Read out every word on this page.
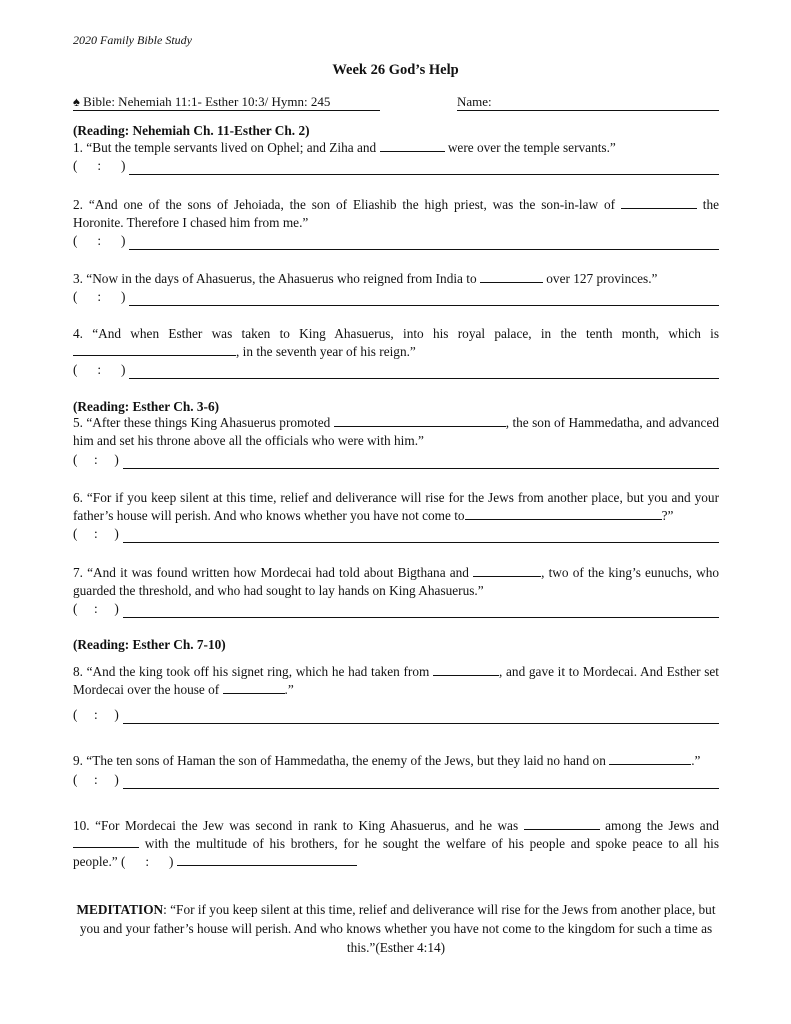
2020 Family Bible Study
Week 26 God’s Help
♠ Bible: Nehemiah 11:1- Esther 10:3/ Hymn: 245	Name:
(Reading: Nehemiah Ch. 11-Esther Ch. 2)
1. “But the temple servants lived on Ophel; and Ziha and	were over the temple servants.”
(      :      )
2. “And one of the sons of Jehoiada, the son of Eliashib the high priest, was the son-in-law of	the Horonite. Therefore I chased him from me.”
(      :      )
3. “Now in the days of Ahasuerus, the Ahasuerus who reigned from India to	over 127 provinces.”
(      :      )
4. “And when Esther was taken to King Ahasuerus, into his royal palace, in the tenth month, which is , in the seventh year of his reign.”
(      :      )
(Reading: Esther Ch. 3-6)
5. “After these things King Ahasuerus promoted	, the son of Hammedatha, and advanced him and set his throne above all the officials who were with him.”
(     :     )
6. “For if you keep silent at this time, relief and deliverance will rise for the Jews from another place, but you and your father’s house will perish. And who knows whether you have not come to	?”
(     :     )
7. “And it was found written how Mordecai had told about Bigthana and	, two of the king’s eunuchs, who guarded the threshold, and who had sought to lay hands on King Ahasuerus.”
(     :     )
(Reading: Esther Ch. 7-10)
8. “And the king took off his signet ring, which he had taken from	, and gave it to Mordecai. And Esther set Mordecai over the house of	.”
(     :     )
9. “The ten sons of Haman the son of Hammedatha, the enemy of the Jews, but they laid no hand on	.”
(     :     )
10. “For Mordecai the Jew was second in rank to King Ahasuerus, and he was	among the Jews and  with the multitude of his brothers, for he sought the welfare of his people and spoke peace to all his people.” (      :      )
MEDITATION: “For if you keep silent at this time, relief and deliverance will rise for the Jews from another place, but you and your father’s house will perish. And who knows whether you have not come to the kingdom for such a time as this.”(Esther 4:14)
